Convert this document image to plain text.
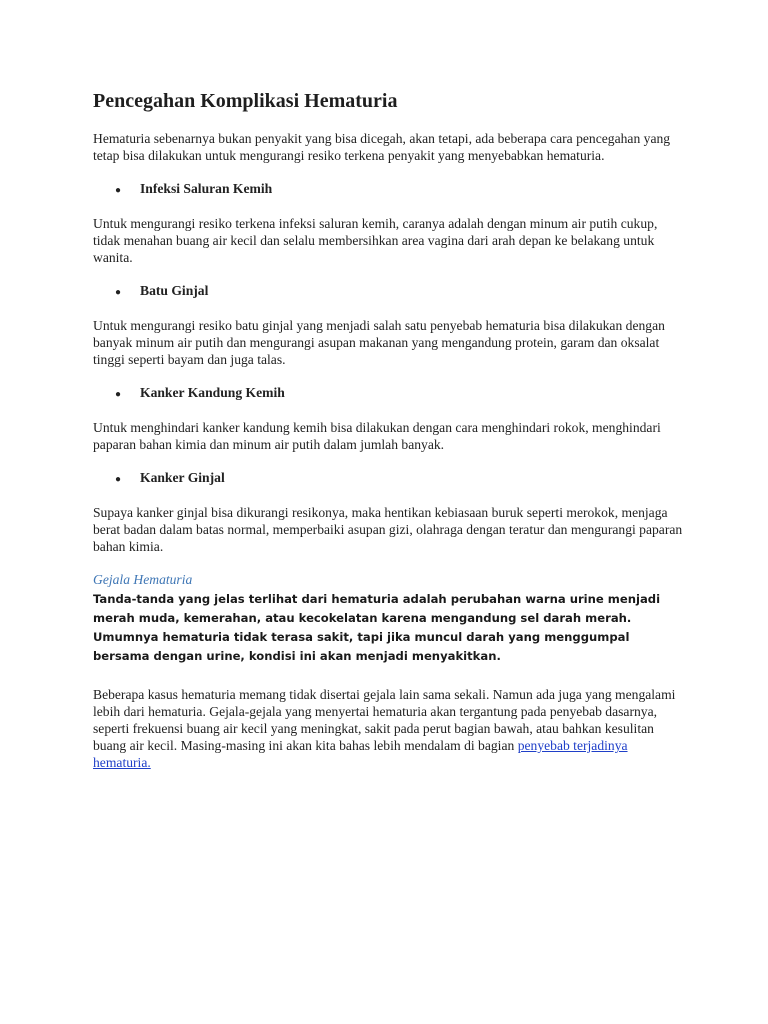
Pencegahan Komplikasi Hematuria

Hematuria sebenarnya bukan penyakit yang bisa dicegah, akan tetapi, ada beberapa cara pencegahan yang tetap bisa dilakukan untuk mengurangi resiko terkena penyakit yang menyebabkan hematuria.

●	Infeksi Saluran Kemih

Untuk mengurangi resiko terkena infeksi saluran kemih, caranya adalah dengan minum air putih cukup, tidak menahan buang air kecil dan selalu membersihkan area vagina dari arah depan ke belakang untuk wanita.

●	Batu Ginjal

Untuk mengurangi resiko batu ginjal yang menjadi salah satu penyebab hematuria bisa dilakukan dengan banyak minum air putih dan mengurangi asupan makanan yang mengandung protein, garam dan oksalat tinggi seperti bayam dan juga talas.

●	Kanker Kandung Kemih

Untuk menghindari kanker kandung kemih bisa dilakukan dengan cara menghindari rokok, menghindari paparan bahan kimia dan minum air putih dalam jumlah banyak.

●	Kanker Ginjal

Supaya kanker ginjal bisa dikurangi resikonya, maka hentikan kebiasaan buruk seperti merokok, menjaga berat badan dalam batas normal, memperbaiki asupan gizi, olahraga dengan teratur dan mengurangi paparan bahan kimia.

Gejala Hematuria

Tanda-tanda yang jelas terlihat dari hematuria adalah perubahan warna urine menjadi merah muda, kemerahan, atau kecokelatan karena mengandung sel darah merah. Umumnya hematuria tidak terasa sakit, tapi jika muncul darah yang menggumpal bersama dengan urine, kondisi ini akan menjadi menyakitkan.

Beberapa kasus hematuria memang tidak disertai gejala lain sama sekali. Namun ada juga yang mengalami lebih dari hematuria. Gejala-gejala yang menyertai hematuria akan tergantung pada penyebab dasarnya, seperti frekuensi buang air kecil yang meningkat, sakit pada perut bagian bawah, atau bahkan kesulitan buang air kecil. Masing-masing ini akan kita bahas lebih mendalam di bagian penyebab terjadinya hematuria.
